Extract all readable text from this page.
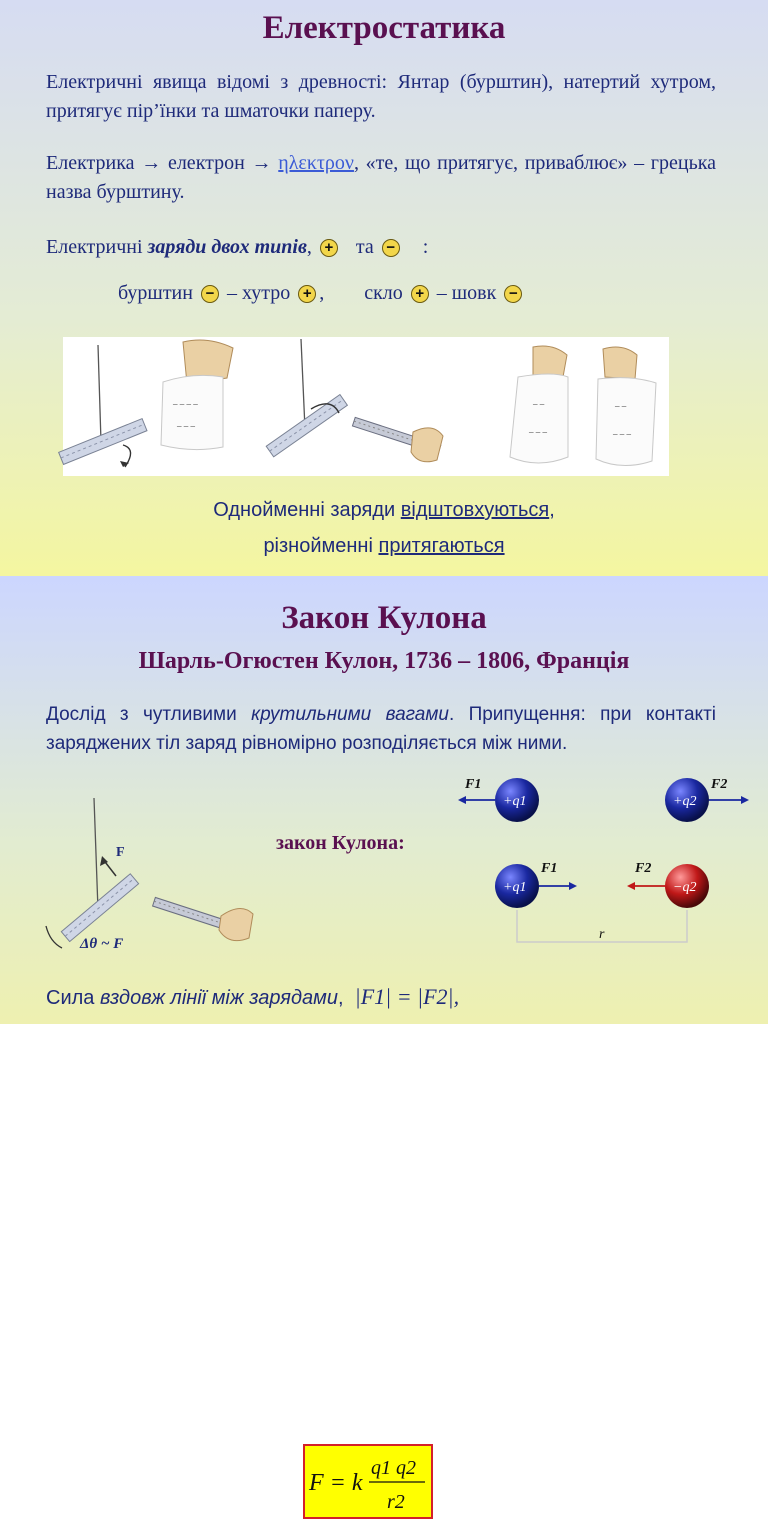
Електростатика
Електричні явища відомі з древності: Янтар (бурштин), натертий хутром, притягує пір’їнки та шматочки паперу.
Електрика → електрон → ηλεκτρον, «те, що притягує, приваблює» – грецька назва бурштину.
Електричні заряди двох типів, + та − :
бурштин − – хутро + , скло + – шовк −
– – – –
– – –
– –
– – –
– –
– – –
Однойменні заряди відштовхуються,
різнойменні притягаються
Закон Кулона
Шарль-Огюстен Кулон, 1736 – 1806, Франція
Дослід з чутливими крутильними вагами. Припущення: при контакті заряджених тіл заряд рівномірно розподіляється між ними.
закон Кулона:
F = k
q1 q2
r2
F
Δθ ~ F
F1
+q1	+q2
F2
+q1
F1
−q2
F2
r
Сила вздовж лінії між зарядами, |F1| = |F2|,
